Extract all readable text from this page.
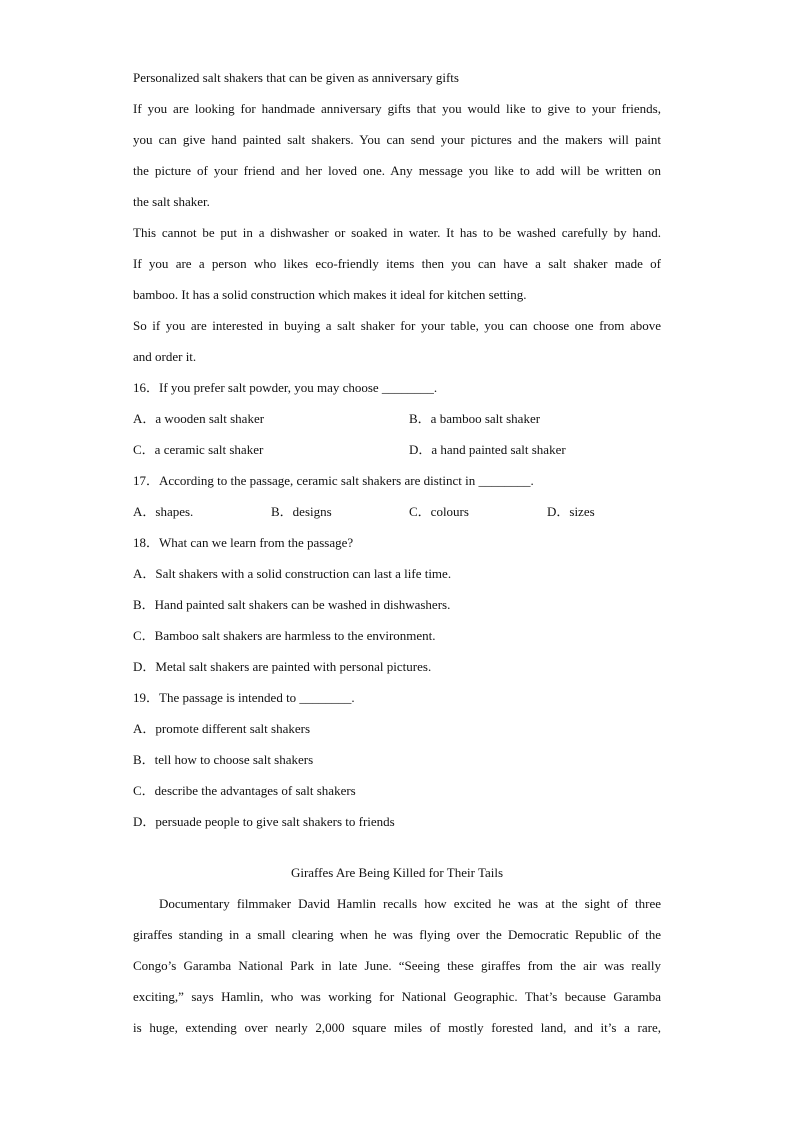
Personalized salt shakers that can be given as anniversary gifts
If you are looking for handmade anniversary gifts that you would like to give to your friends,
you can give hand painted salt shakers. You can send your pictures and the makers will paint
the picture of your friend and her loved one. Any message you like to add will be written on
the salt shaker.
This cannot be put in a dishwasher or soaked in water. It has to be washed carefully by hand.
If you are a person who likes eco-friendly items then you can have a salt shaker made of
bamboo. It has a solid construction which makes it ideal for kitchen setting.
So if you are interested in buying a salt shaker for your table, you can choose one from above
and order it.
16．If you prefer salt powder, you may choose ________.
A．a wooden salt shaker	B．a bamboo salt shaker
C．a ceramic salt shaker	D．a hand painted salt shaker
17．According to the passage, ceramic salt shakers are distinct in ________.
A．shapes.	B．designs	C．colours	D．sizes
18．What can we learn from the passage?
A．Salt shakers with a solid construction can last a life time.
B．Hand painted salt shakers can be washed in dishwashers.
C．Bamboo salt shakers are harmless to the environment.
D．Metal salt shakers are painted with personal pictures.
19．The passage is intended to ________.
A．promote different salt shakers
B．tell how to choose salt shakers
C．describe the advantages of salt shakers
D．persuade people to give salt shakers to friends
Giraffes Are Being Killed for Their Tails
Documentary filmmaker David Hamlin recalls how excited he was at the sight of three
giraffes standing in a small clearing when he was flying over the Democratic Republic of the
Congo’s Garamba National Park in late June. “Seeing these giraffes from the air was really
exciting,” says Hamlin, who was working for National Geographic. That’s because Garamba
is huge, extending over nearly 2,000 square miles of mostly forested land, and it’s a rare,
